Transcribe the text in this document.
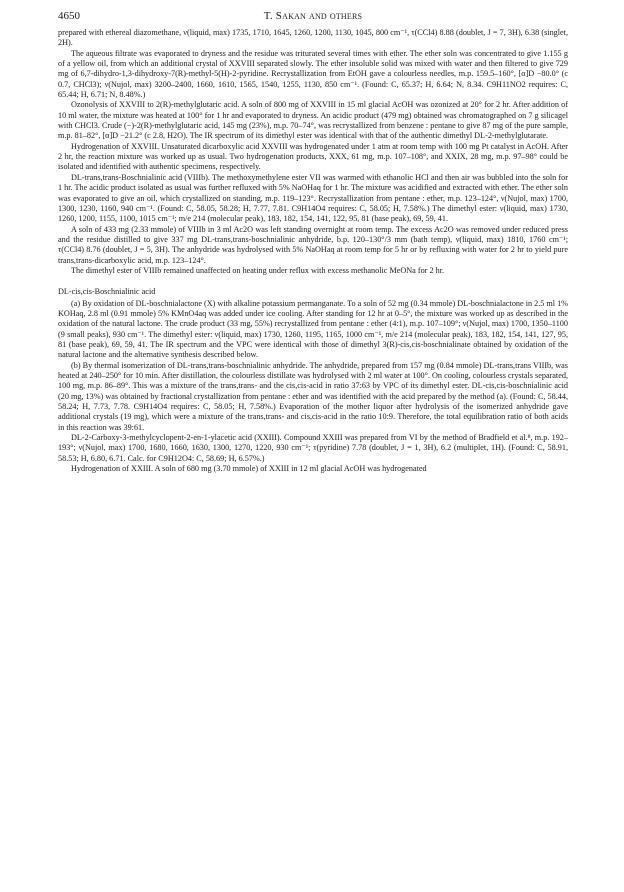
4650	T. Sakan and others

prepared with ethereal diazomethane, ν(liquid, max) 1735, 1710, 1645, 1260, 1200, 1130, 1045, 800 cm⁻¹, τ(CCl4) 8.88 (doublet, J = 7, 3H), 6.38 (singlet, 2H).

The aqueous filtrate was evaporated to dryness and the residue was triturated several times with ether. The ether soln was concentrated to give 1.155 g of a yellow oil, from which an additional crystal of XXVIII separated slowly. The ether insoluble solid was mixed with water and then filtered to give 729 mg of 6,7-dihydro-1,3-dihydroxy-7(R)-methyl-5(H)-2-pyridine. Recrystallization from EtOH gave a colourless needles, m.p. 159.5–160°, [α]D −80.0° (c 0.7, CHCl3); ν(Nujol, max) 3200–2400, 1660, 1610, 1565, 1540, 1255, 1130, 850 cm⁻¹. (Found: C, 65.37; H, 6.64; N, 8.34. C9H11NO2 requires: C, 65.44; H, 6.71; N, 8.48%.)

Ozonolysis of XXVIII to 2(R)-methylglutaric acid. A soln of 800 mg of XXVIII in 15 ml glacial AcOH was ozonized at 20° for 2 hr. After addition of 10 ml water, the mixture was heated at 100° for 1 hr and evaporated to dryness. An acidic product (479 mg) obtained was chromatographed on 7 g silicagel with CHCl3. Crude (−)-2(R)-methylglutaric acid, 145 mg (23%), m.p. 70–74°, was recrystallized from benzene : pentane to give 87 mg of the pure sample, m.p. 81–82°, [α]D −21.2° (c 2.8, H2O). The IR spectrum of its dimethyl ester was identical with that of the authentic dimethyl DL-2-methylglutarate.

Hydrogenation of XXVIII. Unsaturated dicarboxylic acid XXVIII was hydrogenated under 1 atm at room temp with 100 mg Pt catalyst in AcOH. After 2 hr, the reaction mixture was worked up as usual. Two hydrogenation products, XXX, 61 mg, m.p. 107–108°, and XXIX, 28 mg, m.p. 97–98° could be isolated and identified with authentic specimens, respectively.

DL-trans,trans-Boschnialinic acid (VIIIb). The methoxymethylene ester VII was warmed with ethanolic HCl and then air was bubbled into the soln for 1 hr. The acidic product isolated as usual was further refluxed with 5% NaOHaq for 1 hr. The mixture was acidified and extracted with ether. The ether soln was evaporated to give an oil, which crystallized on standing, m.p. 119–123°. Recrystallization from pentane : ether, m.p. 123–124°, ν(Nujol, max) 1700, 1300, 1230, 1160, 940 cm⁻¹. (Found: C, 58.05, 58.28; H, 7.77, 7.81. C9H14O4 requires: C, 58.05; H, 7.58%.) The dimethyl ester: ν(liquid, max) 1730, 1260, 1200, 1155, 1100, 1015 cm⁻¹; m/e 214 (molecular peak), 183, 182, 154, 141, 122, 95, 81 (base peak), 69, 59, 41.

A soln of 433 mg (2.33 mmole) of VIIIb in 3 ml Ac2O was left standing overnight at room temp. The excess Ac2O was removed under reduced press and the residue distilled to give 337 mg DL-trans,trans-boschnialinic anhydride, b.p. 120–130°/3 mm (bath temp), ν(liquid, max) 1810, 1760 cm⁻¹; τ(CCl4) 8.76 (doublet, J = 5, 3H). The anhydride was hydrolysed with 5% NaOHaq at room temp for 5 hr or by refluxing with water for 2 hr to yield pure trans,trans-dicarboxylic acid, m.p. 123–124°.

The dimethyl ester of VIIIb remained unaffected on heating under reflux with excess methanolic MeONa for 2 hr.

DL-cis,cis-Boschnialinic acid

(a) By oxidation of DL-boschnialactone (X) with alkaline potassium permanganate. To a soln of 52 mg (0.34 mmole) DL-boschnialactone in 2.5 ml 1% KOHaq, 2.8 ml (0.91 mmole) 5% KMnO4aq was added under ice cooling. After standing for 12 hr at 0–5°, the mixture was worked up as described in the oxidation of the natural lactone. The crude product (33 mg, 55%) recrystallized from pentane : ether (4:1), m.p. 107–109°; ν(Nujol, max) 1700, 1350–1100 (9 small peaks), 930 cm⁻¹. The dimethyl ester: ν(liquid, max) 1730, 1260, 1195, 1165, 1000 cm⁻¹, m/e 214 (molecular peak), 183, 182, 154, 141, 127, 95, 81 (base peak), 69, 59, 41. The IR spectrum and the VPC were identical with those of dimethyl 3(R)-cis,cis-boschnialinate obtained by oxidation of the natural lactone and the alternative synthesis described below.

(b) By thermal isomerization of DL-trans,trans-boschnialinic anhydride. The anhydride, prepared from 157 mg (0.84 mmole) DL-trans,trans VIIIb, was heated at 240–250° for 10 min. After distillation, the colourless distillate was hydrolysed with 2 ml water at 100°. On cooling, colourless crystals separated, 100 mg, m.p. 86–89°. This was a mixture of the trans,trans- and the cis,cis-acid in ratio 37:63 by VPC of its dimethyl ester. DL-cis,cis-boschnialinic acid (20 mg, 13%) was obtained by fractional crystallization from pentane : ether and was identified with the acid prepared by the method (a). (Found: C, 58.44, 58.24; H, 7.73, 7.78. C9H14O4 requires: C, 58.05; H, 7.58%.) Evaporation of the mother liquor after hydrolysis of the isomerized anhydride gave additional crystals (19 mg), which were a mixture of the trans,trans- and cis,cis-acid in the ratio 10:9. Therefore, the total equilibration ratio of both acids in this reaction was 39:61.

DL-2-Carboxy-3-methylcyclopent-2-en-1-ylacetic acid (XXIII). Compound XXIII was prepared from VI by the method of Bradfield et al.⁸, m.p. 192–193°; ν(Nujol, max) 1700, 1680, 1660, 1630, 1300, 1270, 1220, 930 cm⁻¹; τ(pyridine) 7.78 (doublet, J = 1, 3H), 6.2 (multiplet, 1H). (Found: C, 58.91, 58.53; H, 6.80, 6.71. Calc. for C9H12O4: C, 58.69; H, 6.57%.)

Hydrogenation of XXIII. A soln of 680 mg (3.70 mmole) of XXIII in 12 ml glacial AcOH was hydrogenated
